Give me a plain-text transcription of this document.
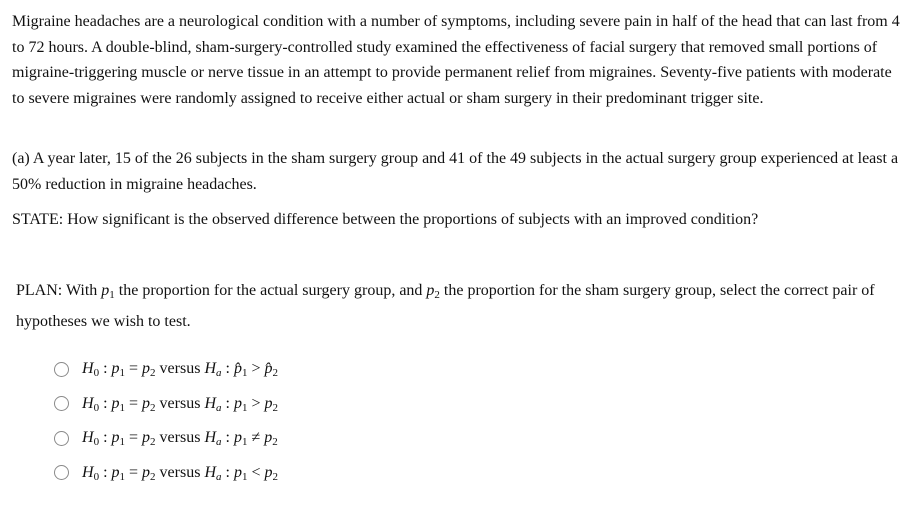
Migraine headaches are a neurological condition with a number of symptoms, including severe pain in half of the head that can last from 4 to 72 hours. A double-blind, sham-surgery-controlled study examined the effectiveness of facial surgery that removed small portions of migraine-triggering muscle or nerve tissue in an attempt to provide permanent relief from migraines. Seventy-five patients with moderate to severe migraines were randomly assigned to receive either actual or sham surgery in their predominant trigger site.
(a) A year later, 15 of the 26 subjects in the sham surgery group and 41 of the 49 subjects in the actual surgery group experienced at least a 50% reduction in migraine headaches.
STATE: How significant is the observed difference between the proportions of subjects with an improved condition?
PLAN: With $p_1$ the proportion for the actual surgery group, and $p_2$ the proportion for the sham surgery group, select the correct pair of hypotheses we wish to test.
$H_0$ : $p_1 = p_2$ versus $H_a$ : $p̂_1$ > $p̂_2$
$H_0$ : $p_1 = p_2$ versus $H_a$ : $p_1 > p_2$
$H_0$ : $p_1 = p_2$ versus $H_a$ : $p_1 \ne p_2$
$H_0$ : $p_1 = p_2$ versus $H_a$ : $p_1 < p_2$
